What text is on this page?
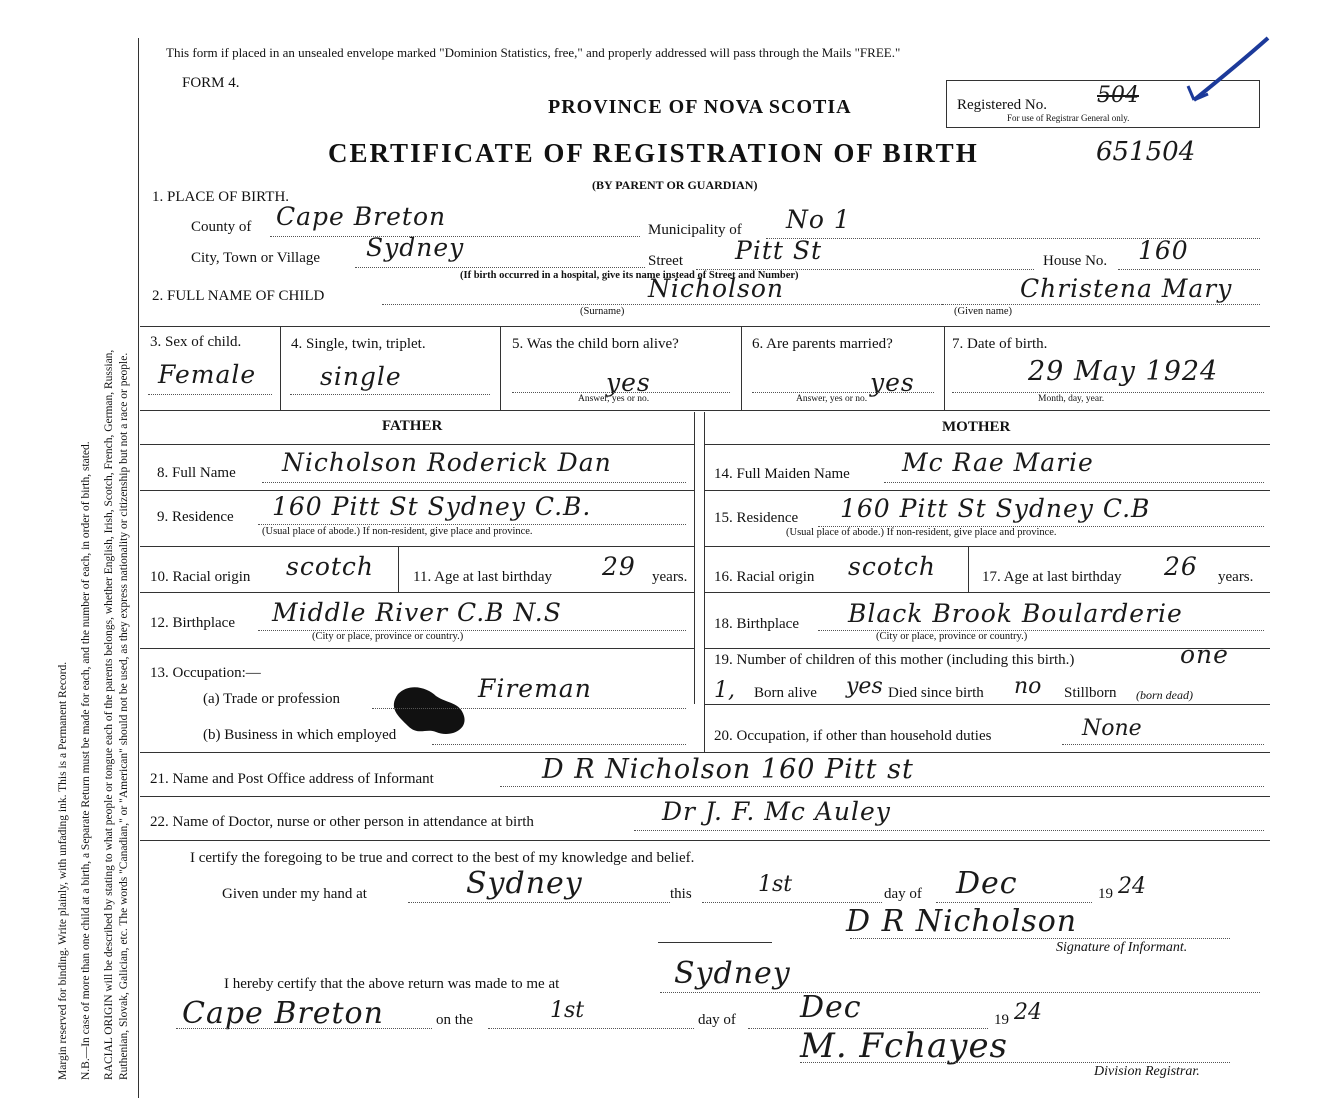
Margin reserved for binding. Write plainly, with unfading ink. This is a Permanent Record. N.B.—In case of more than one child at a birth, a Separate Return must be made for each, and the number of each, in order of birth, stated. RACIAL ORIGIN will be described by stating to what people or tongue each of the parents belongs, whether English, Irish, Scotch, French, German, Russian, Ruthenian, Slovak, Galician, etc. The words "Canadian," or "American" should not be used, as they express nationality or citizenship but not a race or people.
This form if placed in an unsealed envelope marked "Dominion Statistics, free," and properly addressed will pass through the Mails "FREE."
FORM 4.
PROVINCE OF NOVA SCOTIA	Registered No. 504
For use of Registrar General only.
CERTIFICATE OF REGISTRATION OF BIRTH	651504
(BY PARENT OR GUARDIAN)
1. PLACE OF BIRTH.
County of Cape Breton	Municipality of No 1
City, Town or Village Sydney	Street Pitt St	House No. 160
(If birth occurred in a hospital, give its name instead of Street and Number)
2. FULL NAME OF CHILD	Nicholson
(Surname)
Christena Mary
(Given name)
3. Sex of child.
Female
4. Single, twin, triplet.
single
5. Was the child born alive?
yes
Answer, yes or no.
6. Are parents married?
yes
Answer, yes or no.
7. Date of birth.
29 May 1924
Month, day, year.
FATHER	MOTHER
8. Full Name Nicholson Roderick Dan
9. Residence 160 Pitt St Sydney C.B.
(Usual place of abode.) If non-resident, give place and province.
10. Racial origin scotch	11. Age at last birthday 29 years.
12. Birthplace Middle River C.B N.S
(City or place, province or country.)
13. Occupation:—
(a) Trade or profession	Fireman
(b) Business in which employed
14. Full Maiden Name Mc Rae Marie
15. Residence 160 Pitt St Sydney C.B
(Usual place of abode.) If non-resident, give place and province.
16. Racial origin scotch	17. Age at last birthday 26 years.
18. Birthplace Black Brook Boularderie
(City or place, province or country.)
19. Number of children of this mother (including this birth.)	one
1, Born alive yes Died since birth no Stillborn (born dead)
20. Occupation, if other than household duties	None
21. Name and Post Office address of Informant	D R Nicholson 160 Pitt st
22. Name of Doctor, nurse or other person in attendance at birth	Dr J. F. Mc Auley
I certify the foregoing to be true and correct to the best of my knowledge and belief.
Given under my hand at	Sydney	this	1st	day of Dec	19 24
D R Nicholson
Signature of Informant.
I hereby certify that the above return was made to me at	Sydney
Cape Breton	on the	1st	day of Dec	19 24
M. Fchayes
Division Registrar.
